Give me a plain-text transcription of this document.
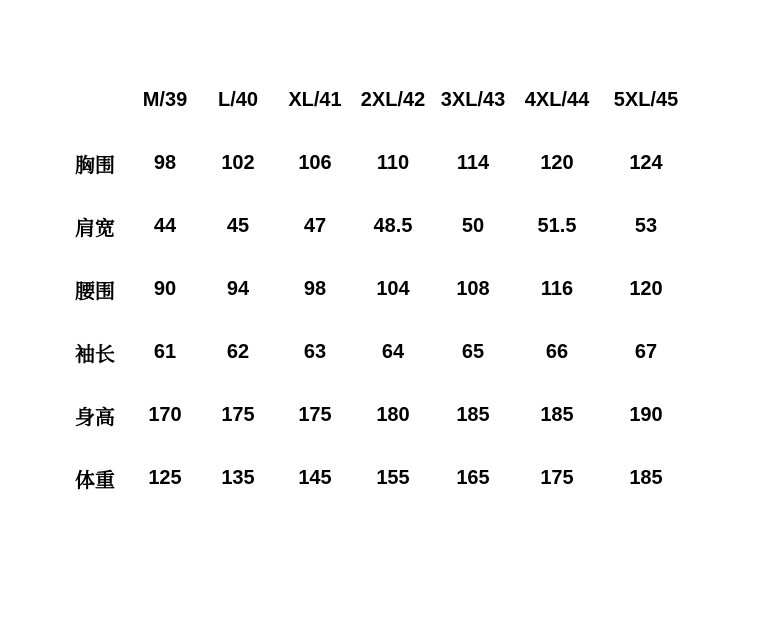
	M/39	L/40	XL/41	2XL/42	3XL/43	4XL/44	5XL/45
胸围	98	102	106	110	114	120	124
肩宽	44	45	47	48.5	50	51.5	53
腰围	90	94	98	104	108	116	120
袖长	61	62	63	64	65	66	67
身高	170	175	175	180	185	185	190
体重	125	135	145	155	165	175	185
